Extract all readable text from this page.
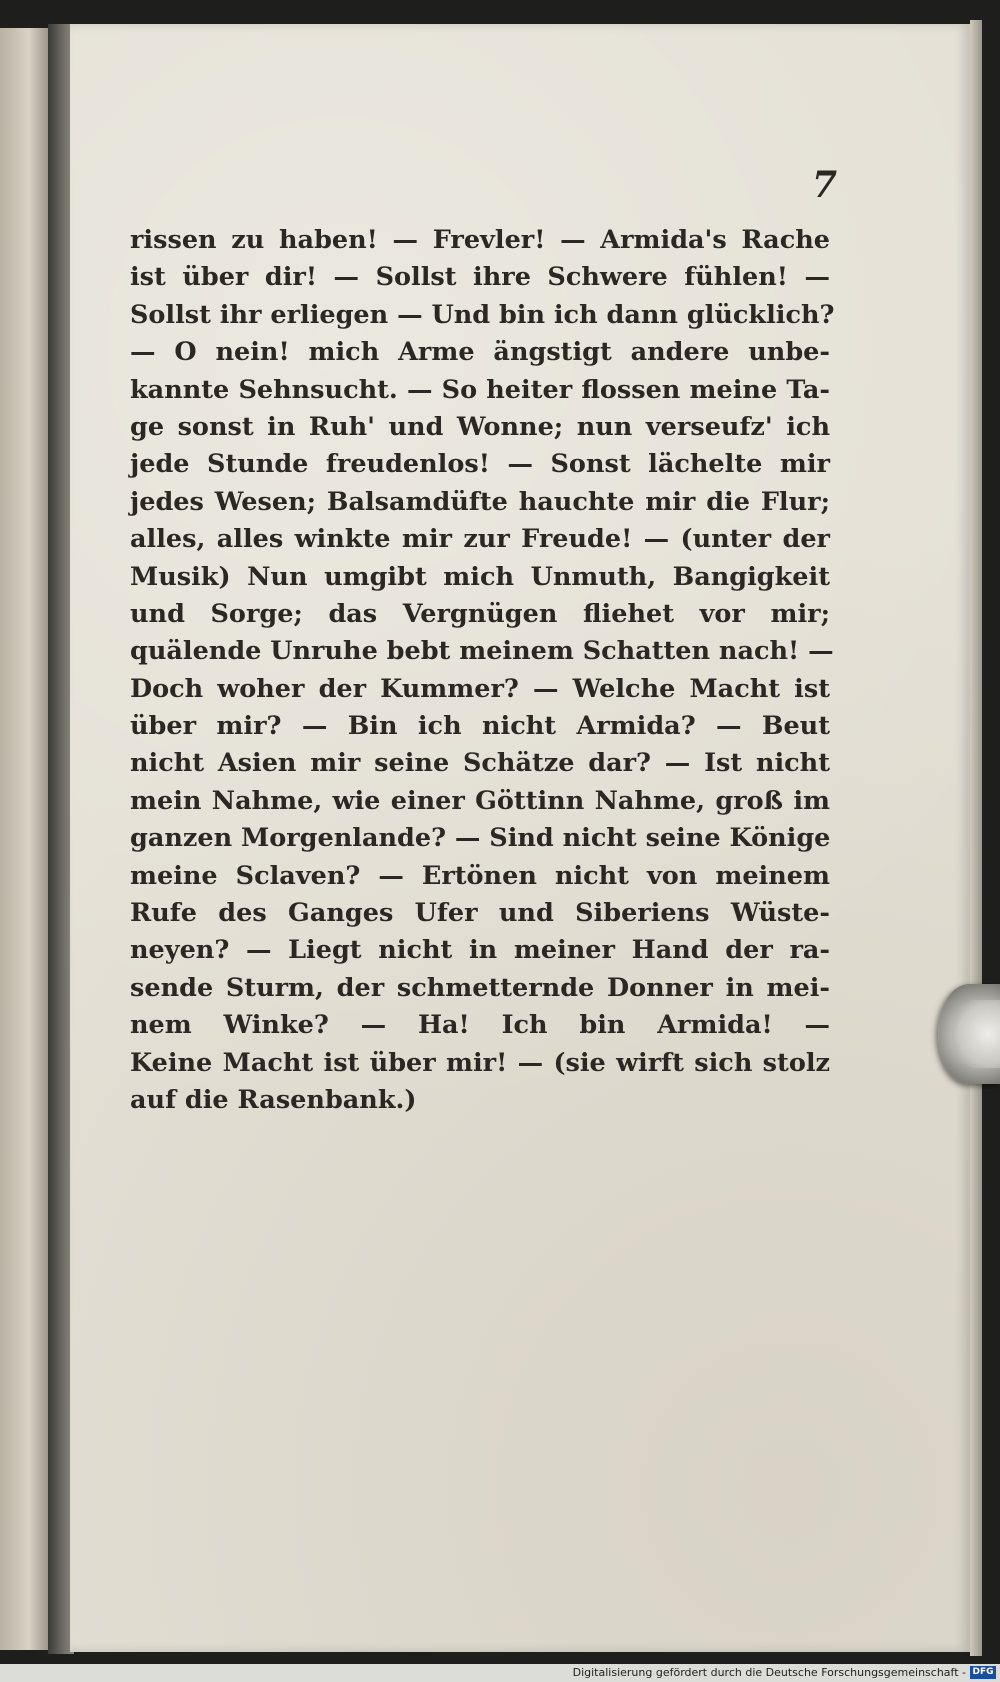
7
rissen zu haben! — Frevler! — Armida's Rache
ist über dir! — Sollst ihre Schwere fühlen! —
Sollst ihr erliegen — Und bin ich dann glücklich?
— O nein! mich Arme ängstigt andere unbe-
kannte Sehnsucht. — So heiter flossen meine Ta-
ge sonst in Ruh' und Wonne; nun verseufz' ich
jede Stunde freudenlos! — Sonst lächelte mir
jedes Wesen; Balsamdüfte hauchte mir die Flur;
alles, alles winkte mir zur Freude! — (unter der
Musik) Nun umgibt mich Unmuth, Bangigkeit
und Sorge; das Vergnügen fliehet vor mir;
quälende Unruhe bebt meinem Schatten nach! —
Doch woher der Kummer? — Welche Macht ist
über mir? — Bin ich nicht Armida? — Beut
nicht Asien mir seine Schätze dar? — Ist nicht
mein Nahme, wie einer Göttinn Nahme, groß im
ganzen Morgenlande? — Sind nicht seine Könige
meine Sclaven? — Ertönen nicht von meinem
Rufe des Ganges Ufer und Siberiens Wüste-
neyen? — Liegt nicht in meiner Hand der ra-
sende Sturm, der schmetternde Donner in mei-
nem Winke? — Ha! Ich bin Armida! —
Keine Macht ist über mir! — (sie wirft sich stolz
auf die Rasenbank.)
Digitalisierung gefördert durch die Deutsche Forschungsgemeinschaft - DFG
